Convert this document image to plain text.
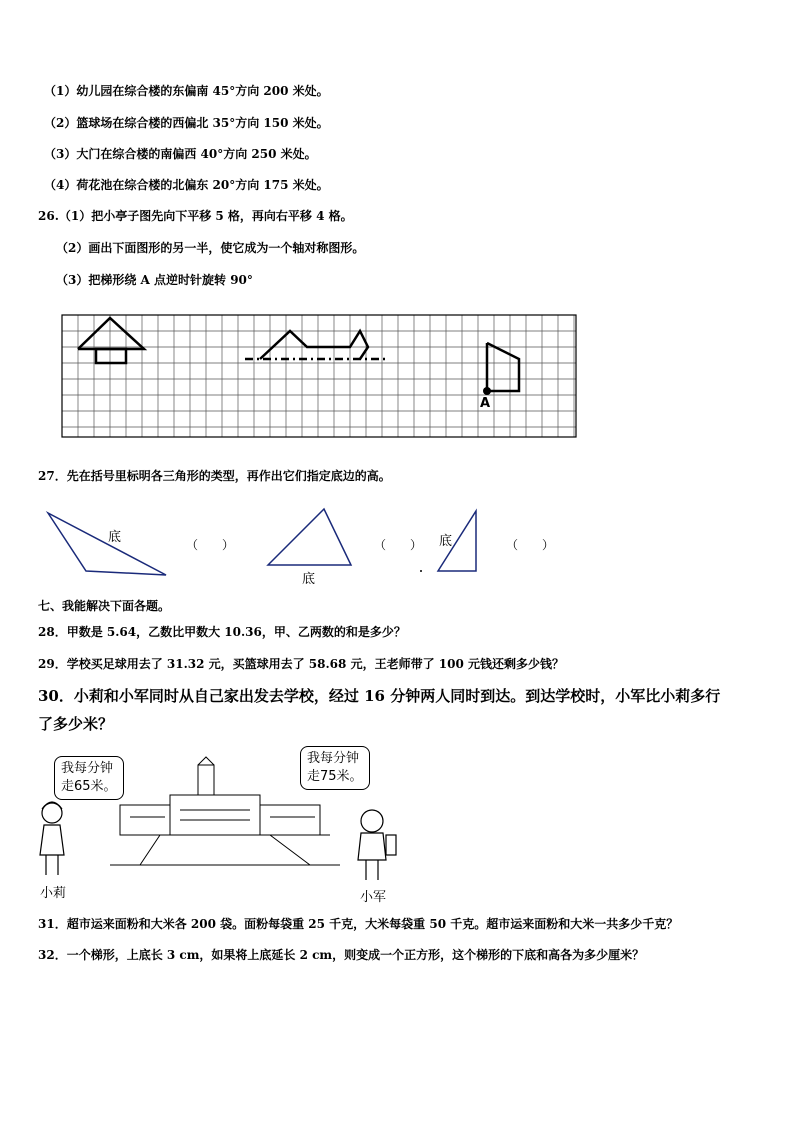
（1）幼儿园在综合楼的东偏南 45°方向 200 米处。
（2）篮球场在综合楼的西偏北 35°方向 150 米处。
（3）大门在综合楼的南偏西 40°方向 250 米处。
（4）荷花池在综合楼的北偏东 20°方向 175 米处。
26.（1）把小亭子图先向下平移 5 格，再向右平移 4 格。
（2）画出下面图形的另一半，使它成为一个轴对称图形。
（3）把梯形绕 A 点逆时针旋转 90°
A
27．先在括号里标明各三角形的类型，再作出它们指定底边的高。
底
底
底
（　　）	（　　）	（　　）
七、我能解决下面各题。
28．甲数是 5.64，乙数比甲数大 10.36，甲、乙两数的和是多少？
29．学校买足球用去了 31.32 元，买篮球用去了 58.68 元，王老师带了 100 元钱还剩多少钱？
30．小莉和小军同时从自己家出发去学校，经过 16 分钟两人同时到达。到达学校时，小军比小莉多行
了多少米？
我每分钟
走65米。
我每分钟
走75米。
小莉	小军
31．超市运来面粉和大米各 200 袋。面粉每袋重 25 千克，大米每袋重 50 千克。超市运来面粉和大米一共多少千克？
32．一个梯形，上底长 3 cm，如果将上底延长 2 cm，则变成一个正方形，这个梯形的下底和高各为多少厘米？
